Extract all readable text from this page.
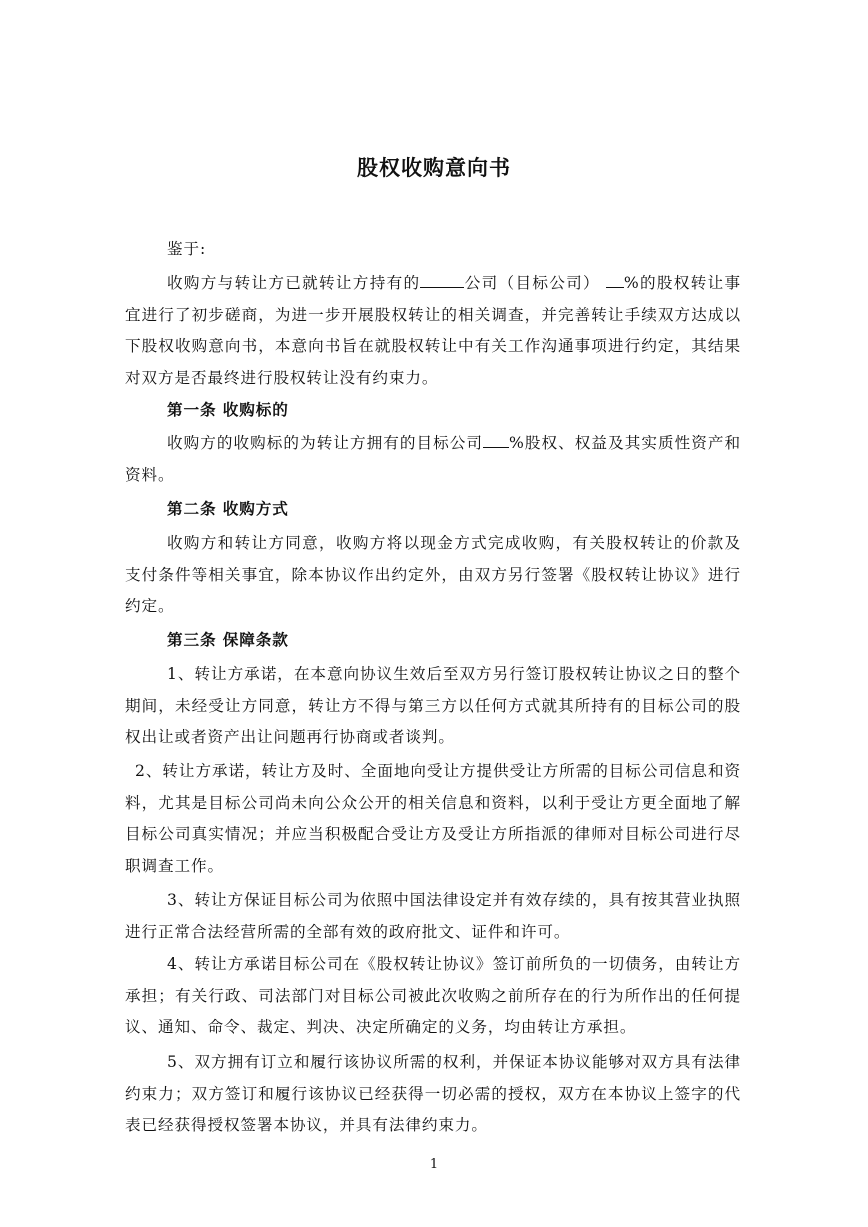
股权收购意向书

鉴于:

收购方与转让方已就转让方持有的	公司（目标公司） %的股权转让事宜进行了初步磋商，为进一步开展股权转让的相关调查，并完善转让手续双方达成以下股权收购意向书，本意向书旨在就股权转让中有关工作沟通事项进行约定，其结果对双方是否最终进行股权转让没有约束力。

第一条 收购标的

收购方的收购标的为转让方拥有的目标公司 %股权、权益及其实质性资产和资料。

第二条 收购方式

收购方和转让方同意，收购方将以现金方式完成收购，有关股权转让的价款及支付条件等相关事宜，除本协议作出约定外，由双方另行签署《股权转让协议》进行约定。

第三条 保障条款

1、转让方承诺，在本意向协议生效后至双方另行签订股权转让协议之日的整个期间，未经受让方同意，转让方不得与第三方以任何方式就其所持有的目标公司的股权出让或者资产出让问题再行协商或者谈判。

2、转让方承诺，转让方及时、全面地向受让方提供受让方所需的目标公司信息和资料，尤其是目标公司尚未向公众公开的相关信息和资料，以利于受让方更全面地了解目标公司真实情况；并应当积极配合受让方及受让方所指派的律师对目标公司进行尽职调查工作。

3、转让方保证目标公司为依照中国法律设定并有效存续的，具有按其营业执照进行正常合法经营所需的全部有效的政府批文、证件和许可。

4、转让方承诺目标公司在《股权转让协议》签订前所负的一切债务，由转让方承担；有关行政、司法部门对目标公司被此次收购之前所存在的行为所作出的任何提议、通知、命令、裁定、判决、决定所确定的义务，均由转让方承担。

5、双方拥有订立和履行该协议所需的权利，并保证本协议能够对双方具有法律约束力；双方签订和履行该协议已经获得一切必需的授权，双方在本协议上签字的代表已经获得授权签署本协议，并具有法律约束力。

1
